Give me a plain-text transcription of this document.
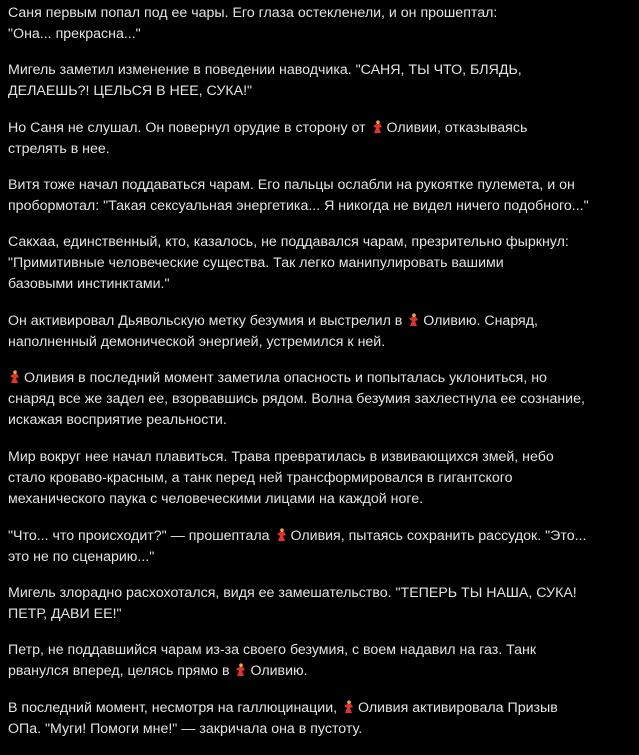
Саня первым попал под ее чары. Его глаза остекленели, и он прошептал:
"Она... прекрасна..."

Мигель заметил изменение в поведении наводчика. "САНЯ, ТЫ ЧТО, БЛЯДЬ,
ДЕЛАЕШЬ?! ЦЕЛЬСЯ В НЕЕ, СУКА!"

Но Саня не слушал. Он повернул орудие в сторону от Оливии, отказываясь
стрелять в нее.

Витя тоже начал поддаваться чарам. Его пальцы ослабли на рукоятке пулемета, и он
пробормотал: "Такая сексуальная энергетика... Я никогда не видел ничего подобного..."

Сакхаа, единственный, кто, казалось, не поддавался чарам, презрительно фыркнул:
"Примитивные человеческие существа. Так легко манипулировать вашими
базовыми инстинктами."

Он активировал Дьявольскую метку безумия и выстрелил в Оливию. Снаряд,
наполненный демонической энергией, устремился к ней.

Оливия в последний момент заметила опасность и попыталась уклониться, но
снаряд все же задел ее, взорвавшись рядом. Волна безумия захлестнула ее сознание,
искажая восприятие реальности.

Мир вокруг нее начал плавиться. Трава превратилась в извивающихся змей, небо
стало кроваво-красным, а танк перед ней трансформировался в гигантского
механического паука с человеческими лицами на каждой ноге.

"Что... что происходит?" — прошептала Оливия, пытаясь сохранить рассудок. "Это...
это не по сценарию..."

Мигель злорадно расхохотался, видя ее замешательство. "ТЕПЕРЬ ТЫ НАША, СУКА!
ПЕТР, ДАВИ ЕЕ!"

Петр, не поддавшийся чарам из-за своего безумия, с воем надавил на газ. Танк
рванулся вперед, целясь прямо в Оливию.

В последний момент, несмотря на галлюцинации, Оливия активировала Призыв
ОПа. "Муги! Помоги мне!" — закричала она в пустоту.
